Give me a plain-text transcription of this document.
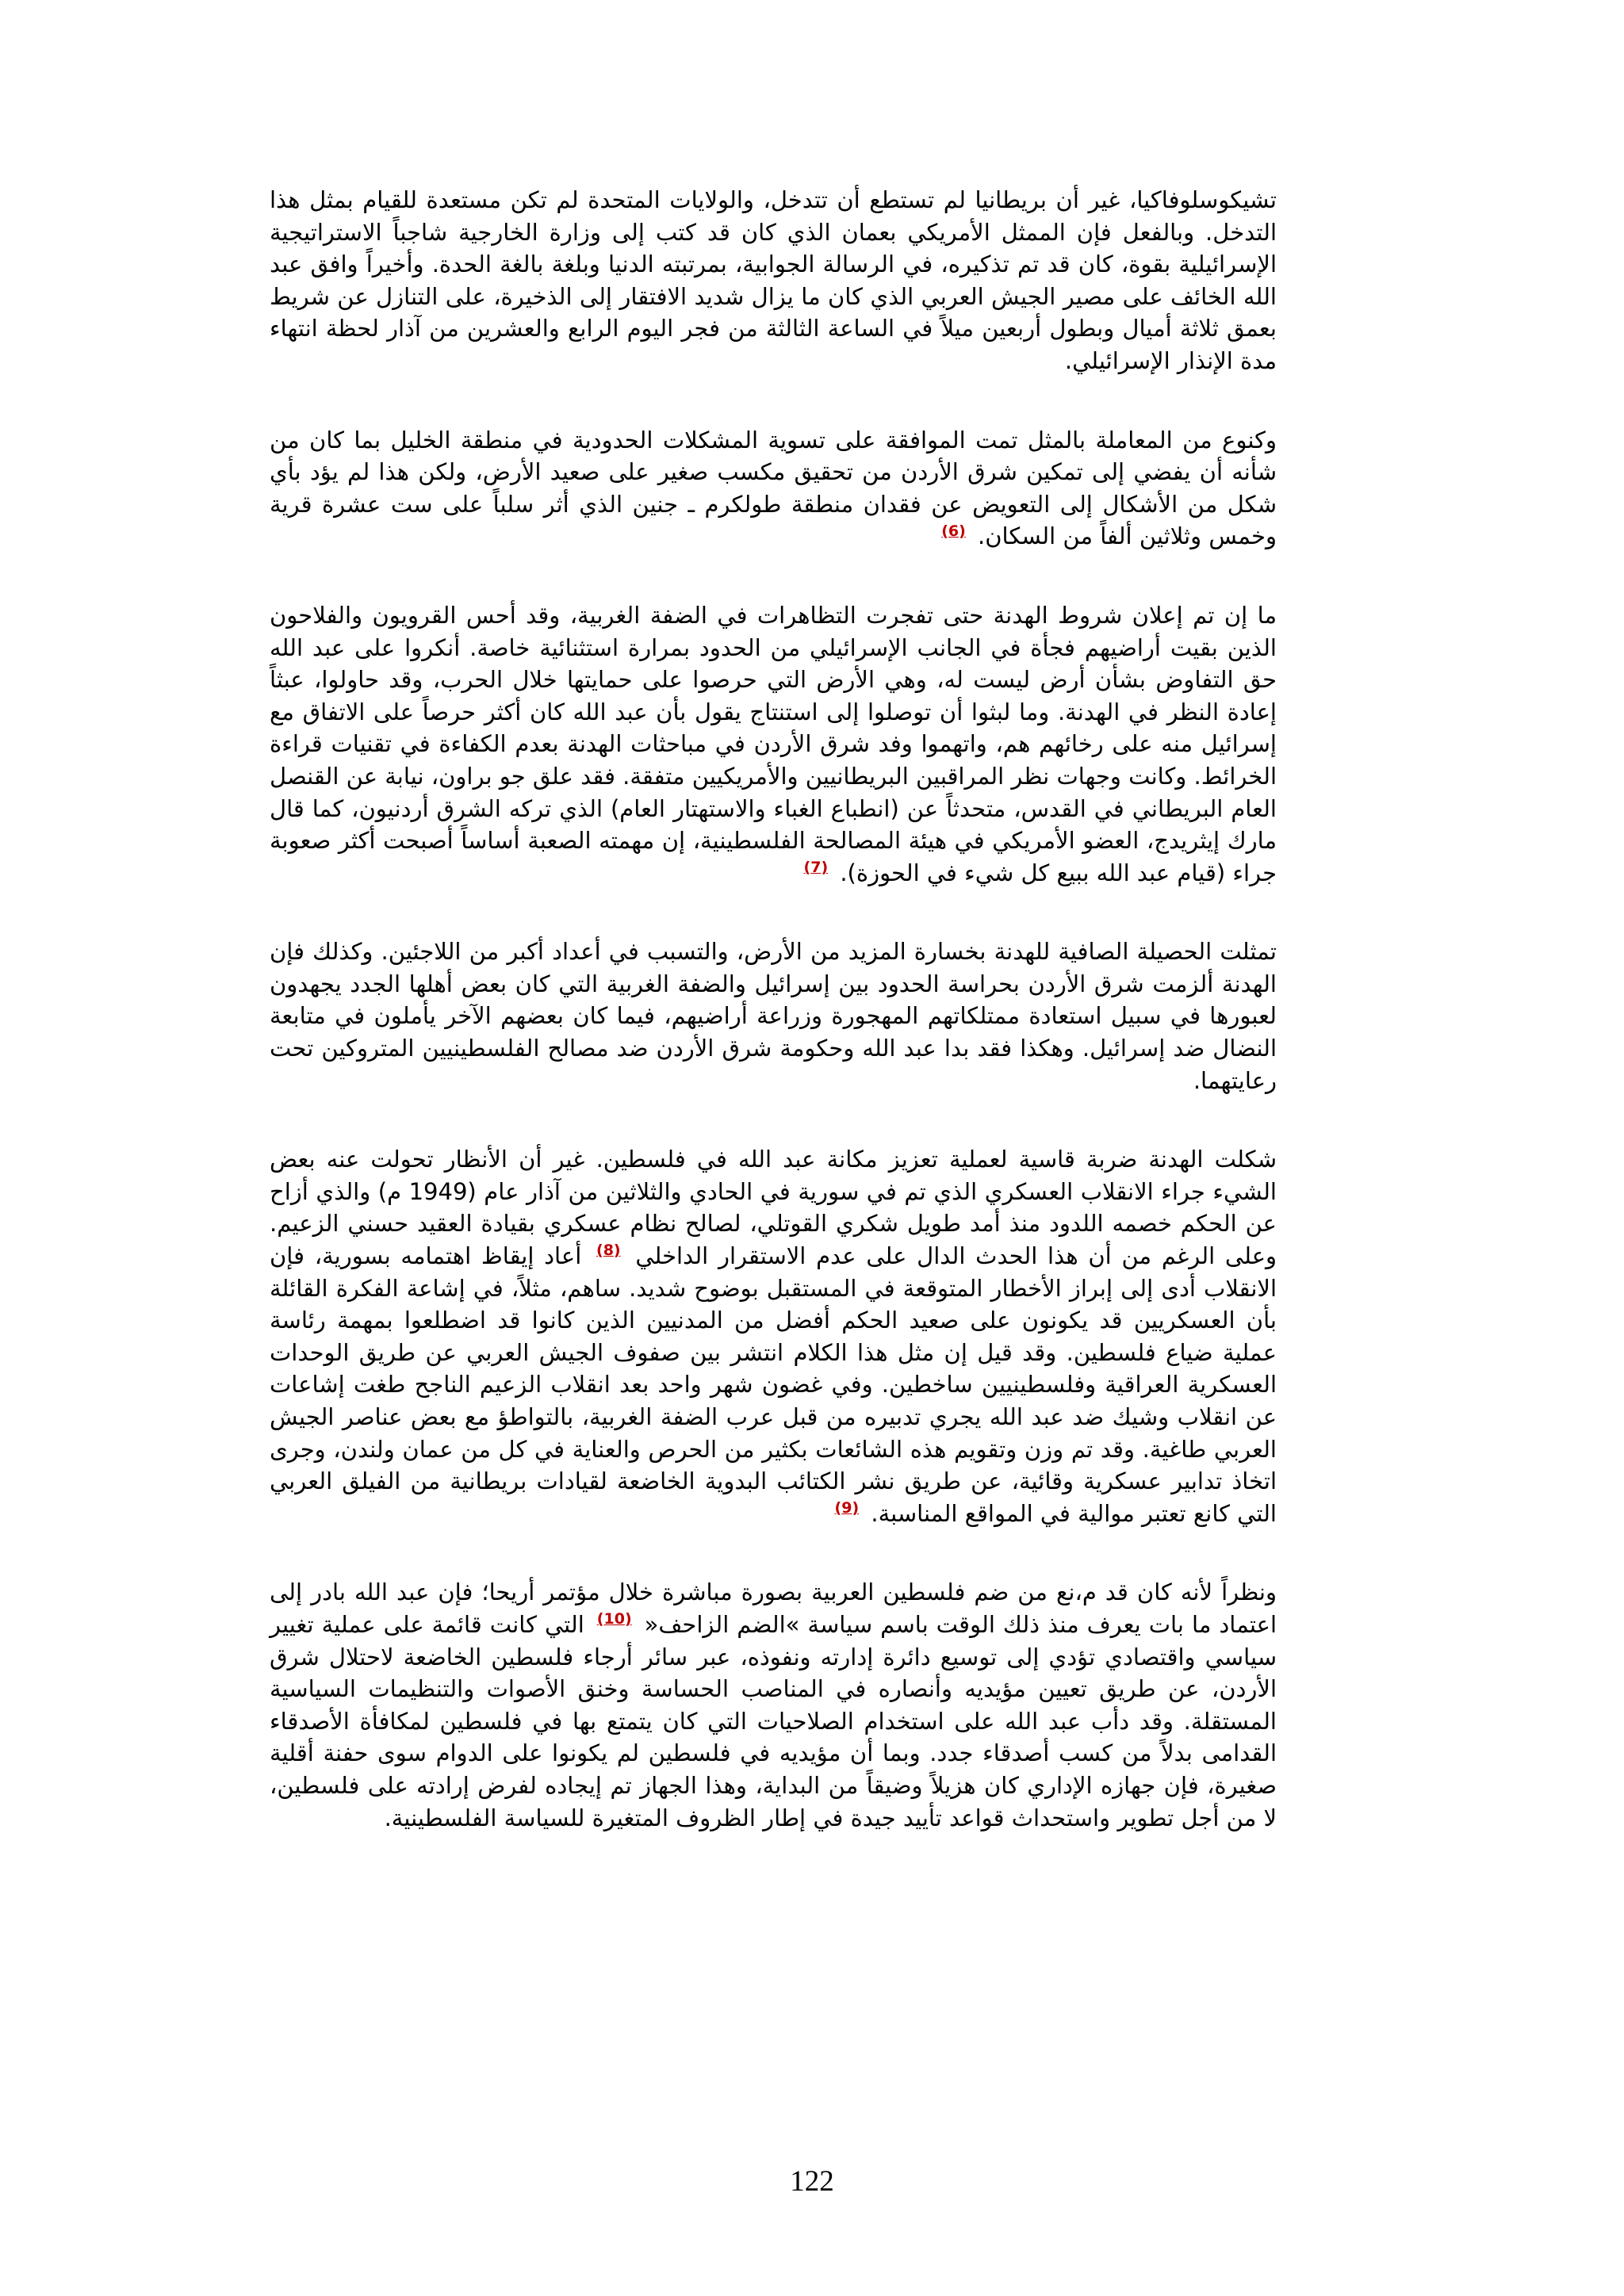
تشيكوسلوفاكيا، غير أن بريطانيا لم تستطع أن تتدخل، والولايات المتحدة لم تكن مستعدة للقيام بمثل هذا التدخل. وبالفعل فإن الممثل الأمريكي بعمان الذي كان قد كتب إلى وزارة الخارجية شاجباً الاستراتيجية الإسرائيلية بقوة، كان قد تم تذكيره، في الرسالة الجوابية، بمرتبته الدنيا وبلغة بالغة الحدة. وأخيراً وافق عبد الله الخائف على مصير الجيش العربي الذي كان ما يزال شديد الافتقار إلى الذخيرة، على التنازل عن شريط بعمق ثلاثة أميال وبطول أربعين ميلاً في الساعة الثالثة من فجر اليوم الرابع والعشرين من آذار لحظة انتهاء مدة الإنذار الإسرائيلي.

وكنوع من المعاملة بالمثل تمت الموافقة على تسوية المشكلات الحدودية في منطقة الخليل بما كان من شأنه أن يفضي إلى تمكين شرق الأردن من تحقيق مكسب صغير على صعيد الأرض، ولكن هذا لم يؤد بأي شكل من الأشكال إلى التعويض عن فقدان منطقة طولكرم ـ جنين الذي أثر سلباً على ست عشرة قرية وخمس وثلاثين ألفاً من السكان. $^{(6)}$

ما إن تم إعلان شروط الهدنة حتى تفجرت التظاهرات في الضفة الغربية، وقد أحس القرويون والفلاحون الذين بقيت أراضيهم فجأة في الجانب الإسرائيلي من الحدود بمرارة استثنائية خاصة. أنكروا على عبد الله حق التفاوض بشأن أرض ليست له، وهي الأرض التي حرصوا على حمايتها خلال الحرب، وقد حاولوا، عبثاً إعادة النظر في الهدنة. وما لبثوا أن توصلوا إلى استنتاج يقول بأن عبد الله كان أكثر حرصاً على الاتفاق مع إسرائيل منه على رخائهم هم، واتهموا وفد شرق الأردن في مباحثات الهدنة بعدم الكفاءة في تقنيات قراءة الخرائط. وكانت وجهات نظر المراقبين البريطانيين والأمريكيين متفقة. فقد علق جو براون، نيابة عن القنصل العام البريطاني في القدس، متحدثاً عن (انطباع الغباء والاستهتار العام) الذي تركه الشرق أردنيون، كما قال مارك إيثريدج، العضو الأمريكي في هيئة المصالحة الفلسطينية، إن مهمته الصعبة أساساً أصبحت أكثر صعوبة جراء (قيام عبد الله ببيع كل شيء في الحوزة). $^{(7)}$

تمثلت الحصيلة الصافية للهدنة بخسارة المزيد من الأرض، والتسبب في أعداد أكبر من اللاجئين. وكذلك فإن الهدنة ألزمت شرق الأردن بحراسة الحدود بين إسرائيل والضفة الغربية التي كان بعض أهلها الجدد يجهدون لعبورها في سبيل استعادة ممتلكاتهم المهجورة وزراعة أراضيهم، فيما كان بعضهم الآخر يأملون في متابعة النضال ضد إسرائيل. وهكذا فقد بدا عبد الله وحكومة شرق الأردن ضد مصالح الفلسطينيين المتروكين تحت رعايتهما.

شكلت الهدنة ضربة قاسية لعملية تعزيز مكانة عبد الله في فلسطين. غير أن الأنظار تحولت عنه بعض الشيء جراء الانقلاب العسكري الذي تم في سورية في الحادي والثلاثين من آذار عام (1949 م) والذي أزاح عن الحكم خصمه اللدود منذ أمد طويل شكري القوتلي، لصالح نظام عسكري بقيادة العقيد حسني الزعيم. وعلى الرغم من أن هذا الحدث الدال على عدم الاستقرار الداخلي $^{(8)}$ أعاد إيقاظ اهتمامه بسورية، فإن الانقلاب أدى إلى إبراز الأخطار المتوقعة في المستقبل بوضوح شديد. ساهم، مثلاً، في إشاعة الفكرة القائلة بأن العسكريين قد يكونون على صعيد الحكم أفضل من المدنيين الذين كانوا قد اضطلعوا بمهمة رئاسة عملية ضياع فلسطين. وقد قيل إن مثل هذا الكلام انتشر بين صفوف الجيش العربي عن طريق الوحدات العسكرية العراقية وفلسطينيين ساخطين. وفي غضون شهر واحد بعد انقلاب الزعيم الناجح طغت إشاعات عن انقلاب وشيك ضد عبد الله يجري تدبيره من قبل عرب الضفة الغربية، بالتواطؤ مع بعض عناصر الجيش العربي طاغية. وقد تم وزن وتقويم هذه الشائعات بكثير من الحرص والعناية في كل من عمان ولندن، وجرى اتخاذ تدابير عسكرية وقائية، عن طريق نشر الكتائب البدوية الخاضعة لقيادات بريطانية من الفيلق العربي التي كانع تعتبر موالية في المواقع المناسبة. $^{(9)}$

ونظراً لأنه كان قد م،نع من ضم فلسطين العربية بصورة مباشرة خلال مؤتمر أريحا؛ فإن عبد الله بادر إلى اعتماد ما بات يعرف منذ ذلك الوقت باسم سياسة »الضم الزاحف« $^{(10)}$ التي كانت قائمة على عملية تغيير سياسي واقتصادي تؤدي إلى توسيع دائرة إدارته ونفوذه، عبر سائر أرجاء فلسطين الخاضعة لاحتلال شرق الأردن، عن طريق تعيين مؤيديه وأنصاره في المناصب الحساسة وخنق الأصوات والتنظيمات السياسية المستقلة. وقد دأب عبد الله على استخدام الصلاحيات التي كان يتمتع بها في فلسطين لمكافأة الأصدقاء القدامى بدلاً من كسب أصدقاء جدد. وبما أن مؤيديه في فلسطين لم يكونوا على الدوام سوى حفنة أقلية صغيرة، فإن جهازه الإداري كان هزيلاً وضيقاً من البداية، وهذا الجهاز تم إيجاده لفرض إرادته على فلسطين، لا من أجل تطوير واستحداث قواعد تأييد جيدة في إطار الظروف المتغيرة للسياسة الفلسطينية.

122
